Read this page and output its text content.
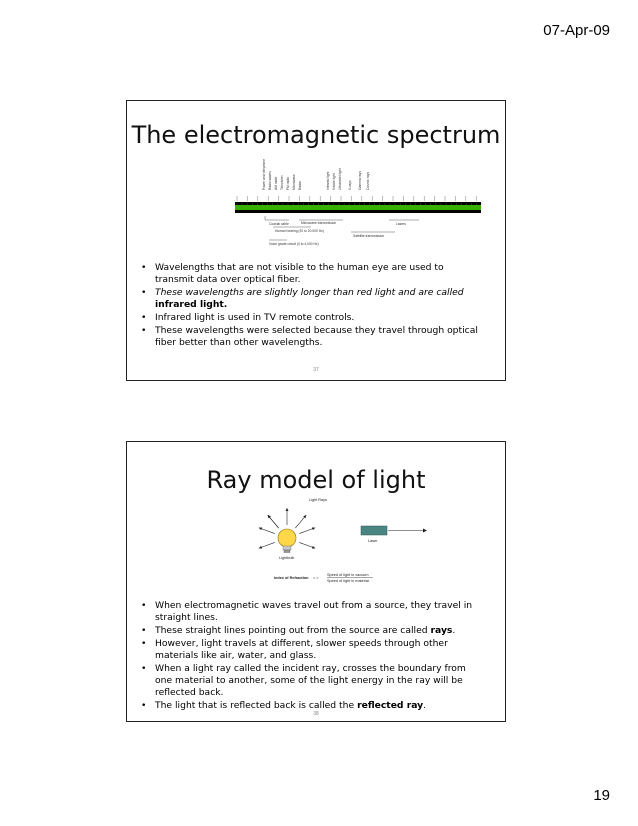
07-Apr-09
The electromagnetic spectrum
Power and telephone Radio waves AM radio Television FM radio Microwave Radar	Infrared light Visible light Ultraviolet light X-rays Gamma rays Cosmic rays
Coaxial cable	Microwave transmission	Lasers
Human hearing (20 to 20,000 Hz)
Satellite transmission
Voice grade circuit (0 to 4,000 Hz)
• Wavelengths that are not visible to the human eye are used to transmit data over optical fiber.
• These wavelengths are slightly longer than red light and are called infrared light.
• Infrared light is used in TV remote controls.
• These wavelengths were selected because they travel through optical fiber better than other wavelengths.
37
Ray model of light
Light Rays
Lightbulb
Laser
Index of Refraction = =
Speed of light in vacuum
Speed of light in material
• When electromagnetic waves travel out from a source, they travel in straight lines.
• These straight lines pointing out from the source are called rays.
• However, light travels at different, slower speeds through other materials like air, water, and glass.
• When a light ray called the incident ray, crosses the boundary from one material to another, some of the light energy in the ray will be reflected back.
• The light that is reflected back is called the reflected ray.
38
19
